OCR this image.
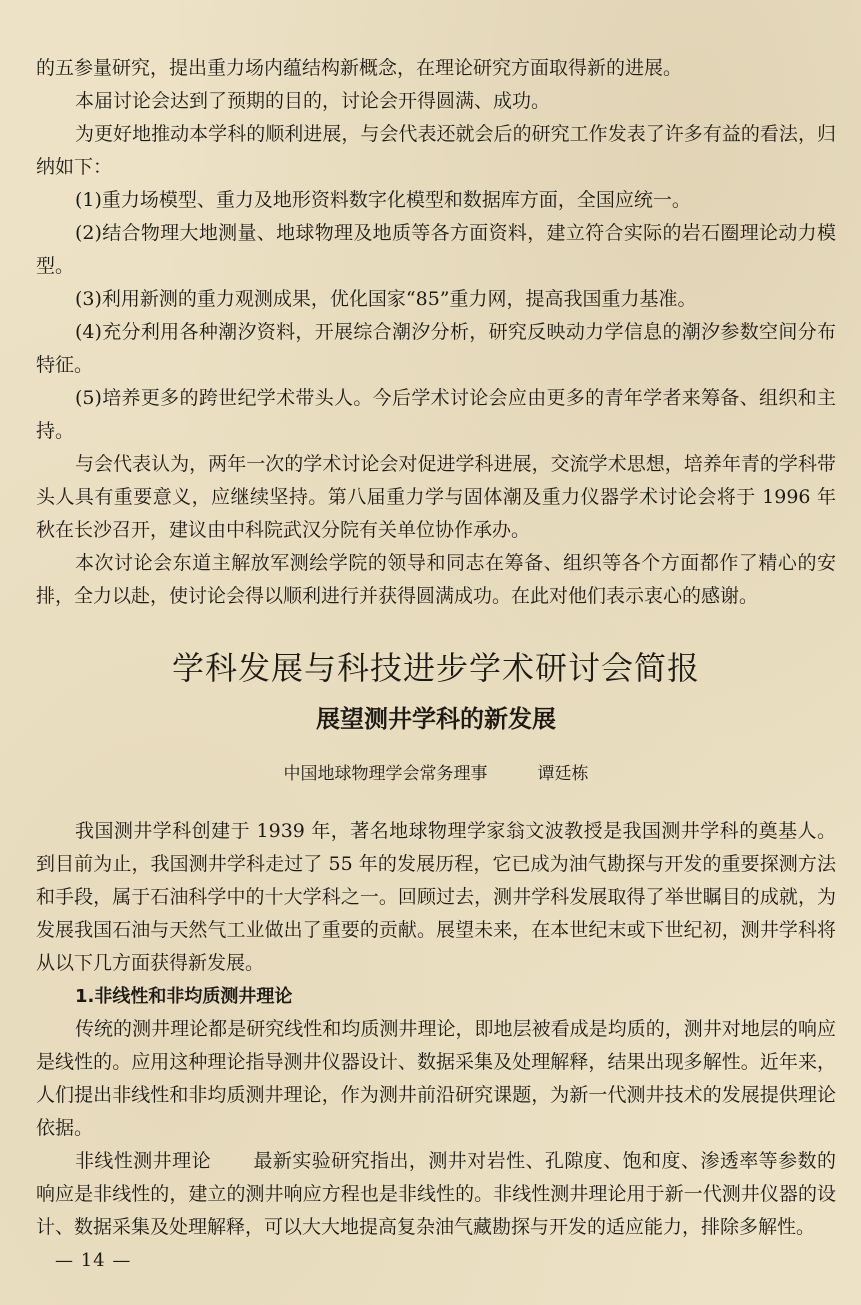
的五参量研究，提出重力场内蕴结构新概念，在理论研究方面取得新的进展。

本届讨论会达到了预期的目的，讨论会开得圆满、成功。

为更好地推动本学科的顺利进展，与会代表还就会后的研究工作发表了许多有益的看法，归纳如下：

(1)重力场模型、重力及地形资料数字化模型和数据库方面，全国应统一。

(2)结合物理大地测量、地球物理及地质等各方面资料，建立符合实际的岩石圈理论动力模型。

(3)利用新测的重力观测成果，优化国家“85”重力网，提高我国重力基准。

(4)充分利用各种潮汐资料，开展综合潮汐分析，研究反映动力学信息的潮汐参数空间分布特征。

(5)培养更多的跨世纪学术带头人。今后学术讨论会应由更多的青年学者来筹备、组织和主持。

与会代表认为，两年一次的学术讨论会对促进学科进展，交流学术思想，培养年青的学科带头人具有重要意义，应继续坚持。第八届重力学与固体潮及重力仪器学术讨论会将于 1996 年秋在长沙召开，建议由中科院武汉分院有关单位协作承办。

本次讨论会东道主解放军测绘学院的领导和同志在筹备、组织等各个方面都作了精心的安排，全力以赴，使讨论会得以顺利进行并获得圆满成功。在此对他们表示衷心的感谢。

学科发展与科技进步学术研讨会简报
展望测井学科的新发展
中国地球物理学会常务理事	谭廷栋

我国测井学科创建于 1939 年，著名地球物理学家翁文波教授是我国测井学科的奠基人。到目前为止，我国测井学科走过了 55 年的发展历程，它已成为油气勘探与开发的重要探测方法和手段，属于石油科学中的十大学科之一。回顾过去，测井学科发展取得了举世瞩目的成就，为发展我国石油与天然气工业做出了重要的贡献。展望未来，在本世纪末或下世纪初，测井学科将从以下几方面获得新发展。

1.非线性和非均质测井理论

传统的测井理论都是研究线性和均质测井理论，即地层被看成是均质的，测井对地层的响应是线性的。应用这种理论指导测井仪器设计、数据采集及处理解释，结果出现多解性。近年来，人们提出非线性和非均质测井理论，作为测井前沿研究课题，为新一代测井技术的发展提供理论依据。

非线性测井理论 最新实验研究指出，测井对岩性、孔隙度、饱和度、渗透率等参数的响应是非线性的，建立的测井响应方程也是非线性的。非线性测井理论用于新一代测井仪器的设计、数据采集及处理解释，可以大大地提高复杂油气藏勘探与开发的适应能力，排除多解性。

— 14 —
